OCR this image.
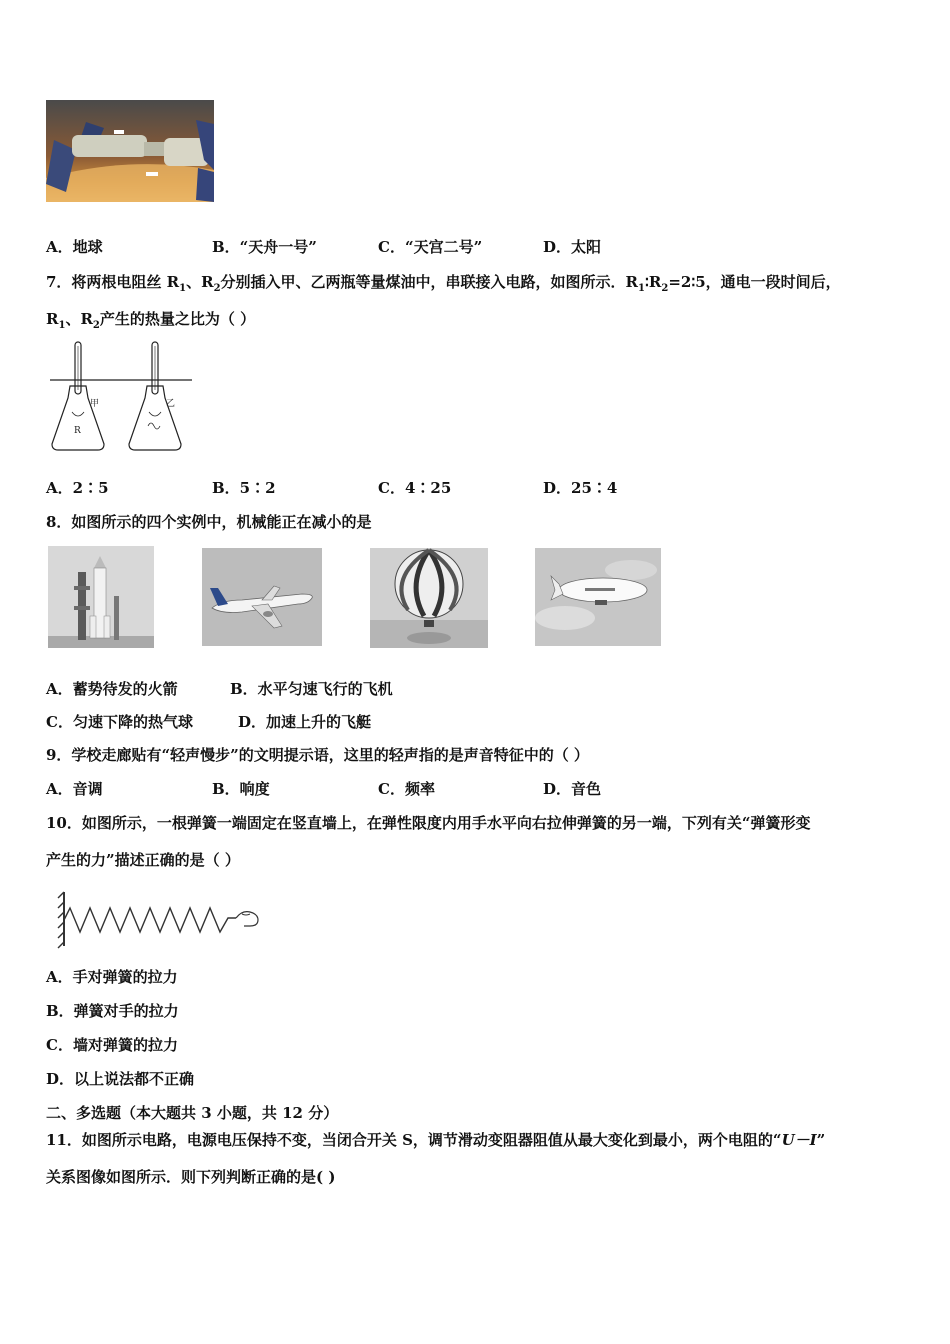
A．地球	B．“天舟一号”	C．“天宫二号”	D．太阳
7．将两根电阻丝 $R_1$、$R_2$分别插入甲、乙两瓶等量煤油中，串联接入电路，如图所示．$R_1∶R_2=2∶5$，通电一段时间后，
$R_1$、$R_2$产生的热量之比为（ ）
R
甲	乙
A．2∶5	B．5∶2	C．4∶25	D．25∶4
8．如图所示的四个实例中，机械能正在减小的是
A．蓄势待发的火箭	B．水平匀速飞行的飞机
C．匀速下降的热气球	D．加速上升的飞艇
9．学校走廊贴有“轻声慢步”的文明提示语，这里的轻声指的是声音特征中的（ ）
A．音调	B．响度	C．频率	D．音色
10．如图所示，一根弹簧一端固定在竖直墙上，在弹性限度内用手水平向右拉伸弹簧的另一端，下列有关“弹簧形变
产生的力”描述正确的是（ ）
A．手对弹簧的拉力
B．弹簧对手的拉力
C．墙对弹簧的拉力
D．以上说法都不正确
二、多选题（本大题共 3 小题，共 12 分）
11．如图所示电路，电源电压保持不变，当闭合开关 S，调节滑动变阻器阻值从最大变化到最小，两个电阻的“U－I”
关系图像如图所示．则下列判断正确的是( )
